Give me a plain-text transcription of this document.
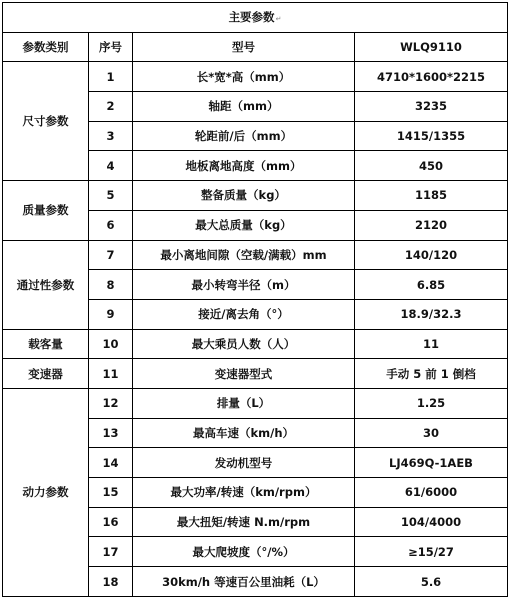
主要参数↵			
参数类别	序号	型号	WLQ9110
尺寸参数	1	长*宽*高（mm）	4710*1600*2215
	2	轴距（mm）	3235
	3	轮距前/后（mm）	1415/1355
	4	地板离地高度（mm）	450
质量参数	5	整备质量（kg）	1185
	6	最大总质量（kg）	2120
通过性参数	7	最小离地间隙（空载/满载）mm	140/120
	8	最小转弯半径（m）	6.85
	9	接近/离去角（°）	18.9/32.3
载客量	10	最大乘员人数（人）	11
变速器	11	变速器型式	手动 5 前 1 倒档
动力参数	12	排量（L）	1.25
	13	最高车速（km/h）	30
	14	发动机型号	LJ469Q-1AEB
	15	最大功率/转速（km/rpm）	61/6000
	16	最大扭矩/转速 N.m/rpm	104/4000
	17	最大爬坡度（°/%）	≥15/27
	18	30km/h 等速百公里油耗（L）	5.6
